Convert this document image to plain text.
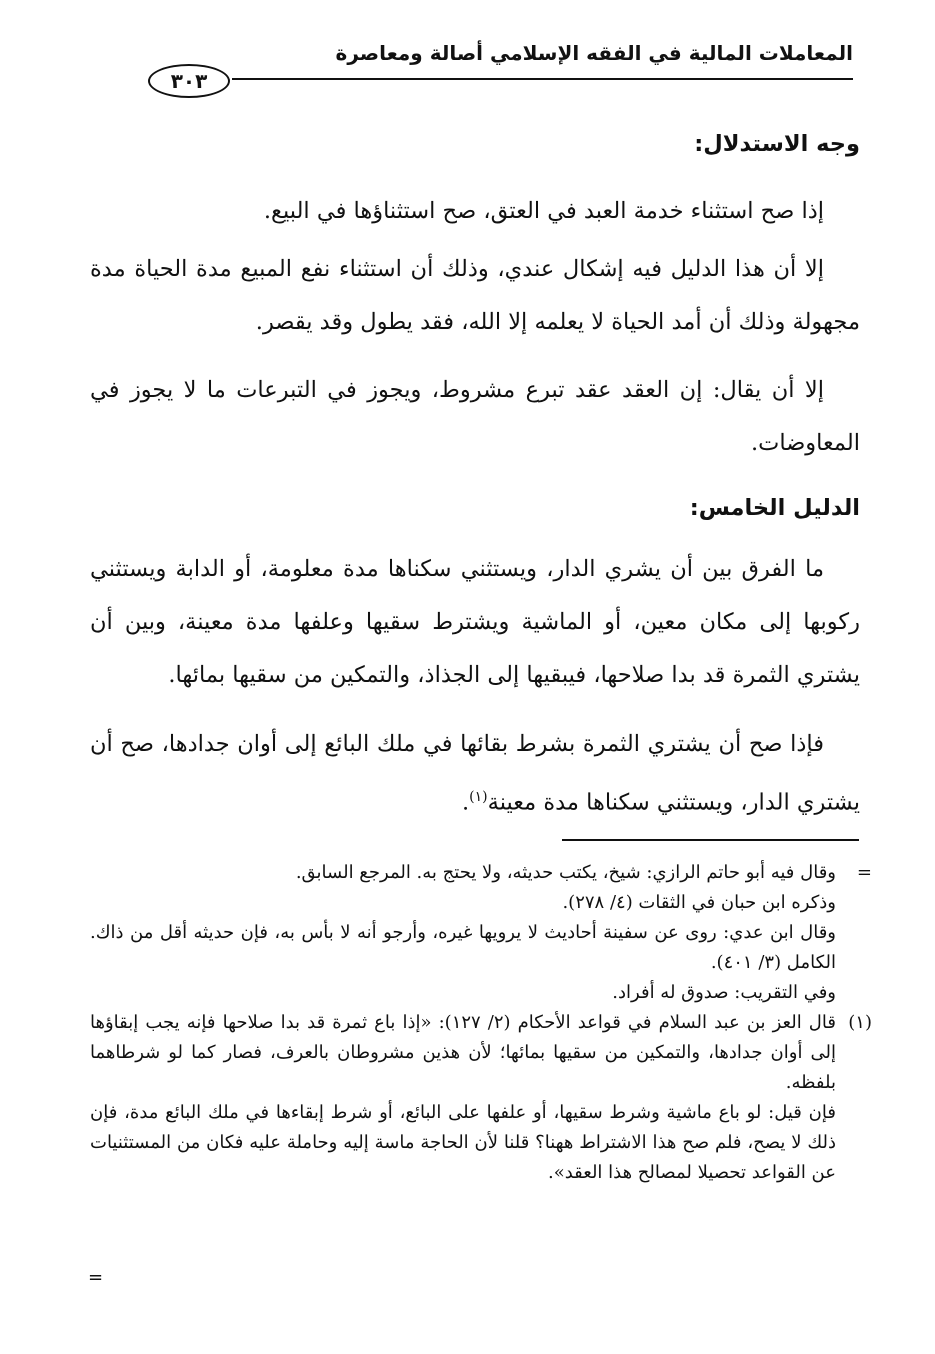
المعاملات المالية في الفقه الإسلامي أصالة ومعاصرة
٣٠٣

وجه الاستدلال:

إذا صح استثناء خدمة العبد في العتق، صح استثناؤها في البيع.

إلا أن هذا الدليل فيه إشكال عندي، وذلك أن استثناء نفع المبيع مدة الحياة مدة مجهولة وذلك أن أمد الحياة لا يعلمه إلا الله، فقد يطول وقد يقصر.

إلا أن يقال: إن العقد عقد تبرع مشروط، ويجوز في التبرعات ما لا يجوز في المعاوضات.

الدليل الخامس:

ما الفرق بين أن يشري الدار، ويستثني سكناها مدة معلومة، أو الدابة ويستثني ركوبها إلى مكان معين، أو الماشية ويشترط سقيها وعلفها مدة معينة، وبين أن يشتري الثمرة قد بدا صلاحها، فيبقيها إلى الجذاذ، والتمكين من سقيها بمائها.

فإذا صح أن يشتري الثمرة بشرط بقائها في ملك البائع إلى أوان جدادها، صح أن يشتري الدار، ويستثني سكناها مدة معينة$^{(١)}$.

=

وقال فيه أبو حاتم الرازي: شيخ، يكتب حديثه، ولا يحتج به. المرجع السابق.

وذكره ابن حبان في الثقات (٤/ ٢٧٨).

وقال ابن عدي: روى عن سفينة أحاديث لا يرويها غيره، وأرجو أنه لا بأس به، فإن حديثه أقل من ذاك. الكامل (٣/ ٤٠١).

وفي التقريب: صدوق له أفراد.

(١)

قال العز بن عبد السلام في قواعد الأحكام (٢/ ١٢٧): «إذا باع ثمرة قد بدا صلاحها فإنه يجب إبقاؤها إلى أوان جدادها، والتمكين من سقيها بمائها؛ لأن هذين مشروطان بالعرف، فصار كما لو شرطاهما بلفظه.

فإن قيل: لو باع ماشية وشرط سقيها، أو علفها على البائع، أو شرط إبقاءها في ملك البائع مدة، فإن ذلك لا يصح، فلم صح هذا الاشتراط ههنا؟ قلنا لأن الحاجة ماسة إليه وحاملة عليه فكان من المستثنيات عن القواعد تحصيلا لمصالح هذا العقد».

=
